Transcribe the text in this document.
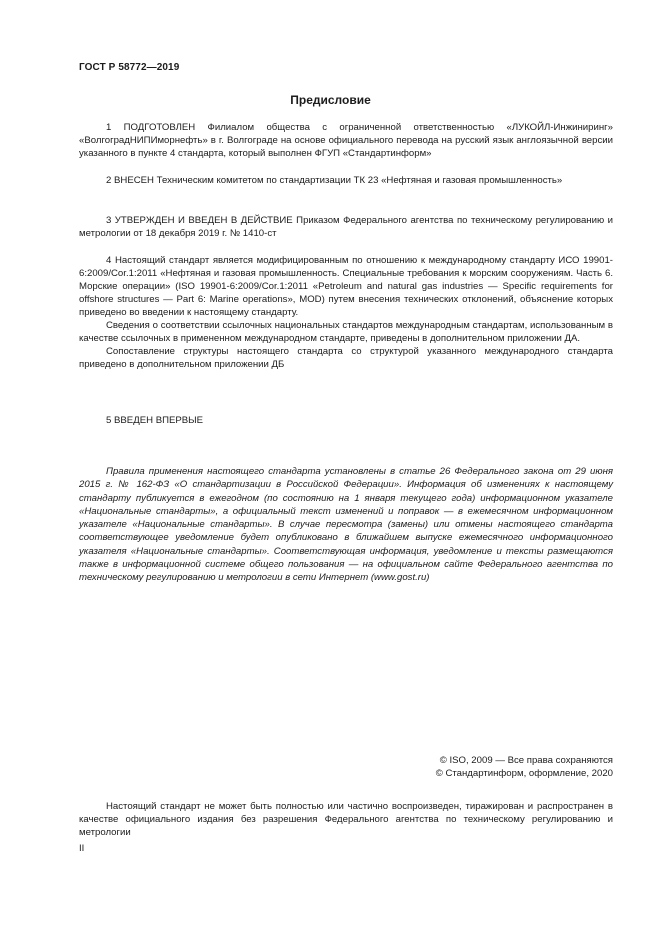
ГОСТ Р 58772—2019
Предисловие

1 ПОДГОТОВЛЕН Филиалом общества с ограниченной ответственностью «ЛУКОЙЛ-Инжиниринг» «ВолгоградНИПИморнефть» в г. Волгограде на основе официального перевода на русский язык англоязычной версии указанного в пункте 4 стандарта, который выполнен ФГУП «Стандартинформ»

2 ВНЕСЕН Техническим комитетом по стандартизации ТК 23 «Нефтяная и газовая промышленность»

3 УТВЕРЖДЕН И ВВЕДЕН В ДЕЙСТВИЕ Приказом Федерального агентства по техническому регулированию и метрологии от 18 декабря 2019 г. № 1410-ст

4 Настоящий стандарт является модифицированным по отношению к международному стандарту ИСО 19901-6:2009/Cor.1:2011 «Нефтяная и газовая промышленность. Специальные требования к морским сооружениям. Часть 6. Морские операции» (ISO 19901-6:2009/Cor.1:2011 «Petroleum and natural gas industries — Specific requirements for offshore structures — Part 6: Marine operations», MOD) путем внесения технических отклонений, объяснение которых приведено во введении к настоящему стандарту.

Сведения о соответствии ссылочных национальных стандартов международным стандартам, использованным в качестве ссылочных в примененном международном стандарте, приведены в дополнительном приложении ДА.

Сопоставление структуры настоящего стандарта со структурой указанного международного стандарта приведено в дополнительном приложении ДБ

5 ВВЕДЕН ВПЕРВЫЕ

Правила применения настоящего стандарта установлены в статье 26 Федерального закона от 29 июня 2015 г. № 162-ФЗ «О стандартизации в Российской Федерации». Информация об изменениях к настоящему стандарту публикуется в ежегодном (по состоянию на 1 января текущего года) информационном указателе «Национальные стандарты», а официальный текст изменений и поправок — в ежемесячном информационном указателе «Национальные стандарты». В случае пересмотра (замены) или отмены настоящего стандарта соответствующее уведомление будет опубликовано в ближайшем выпуске ежемесячного информационного указателя «Национальные стандарты». Соответствующая информация, уведомление и тексты размещаются также в информационной системе общего пользования — на официальном сайте Федерального агентства по техническому регулированию и метрологии в сети Интернет (www.gost.ru)

© ISO, 2009 — Все права сохраняются
© Стандартинформ, оформление, 2020

Настоящий стандарт не может быть полностью или частично воспроизведен, тиражирован и распространен в качестве официального издания без разрешения Федерального агентства по техническому регулированию и метрологии

II
